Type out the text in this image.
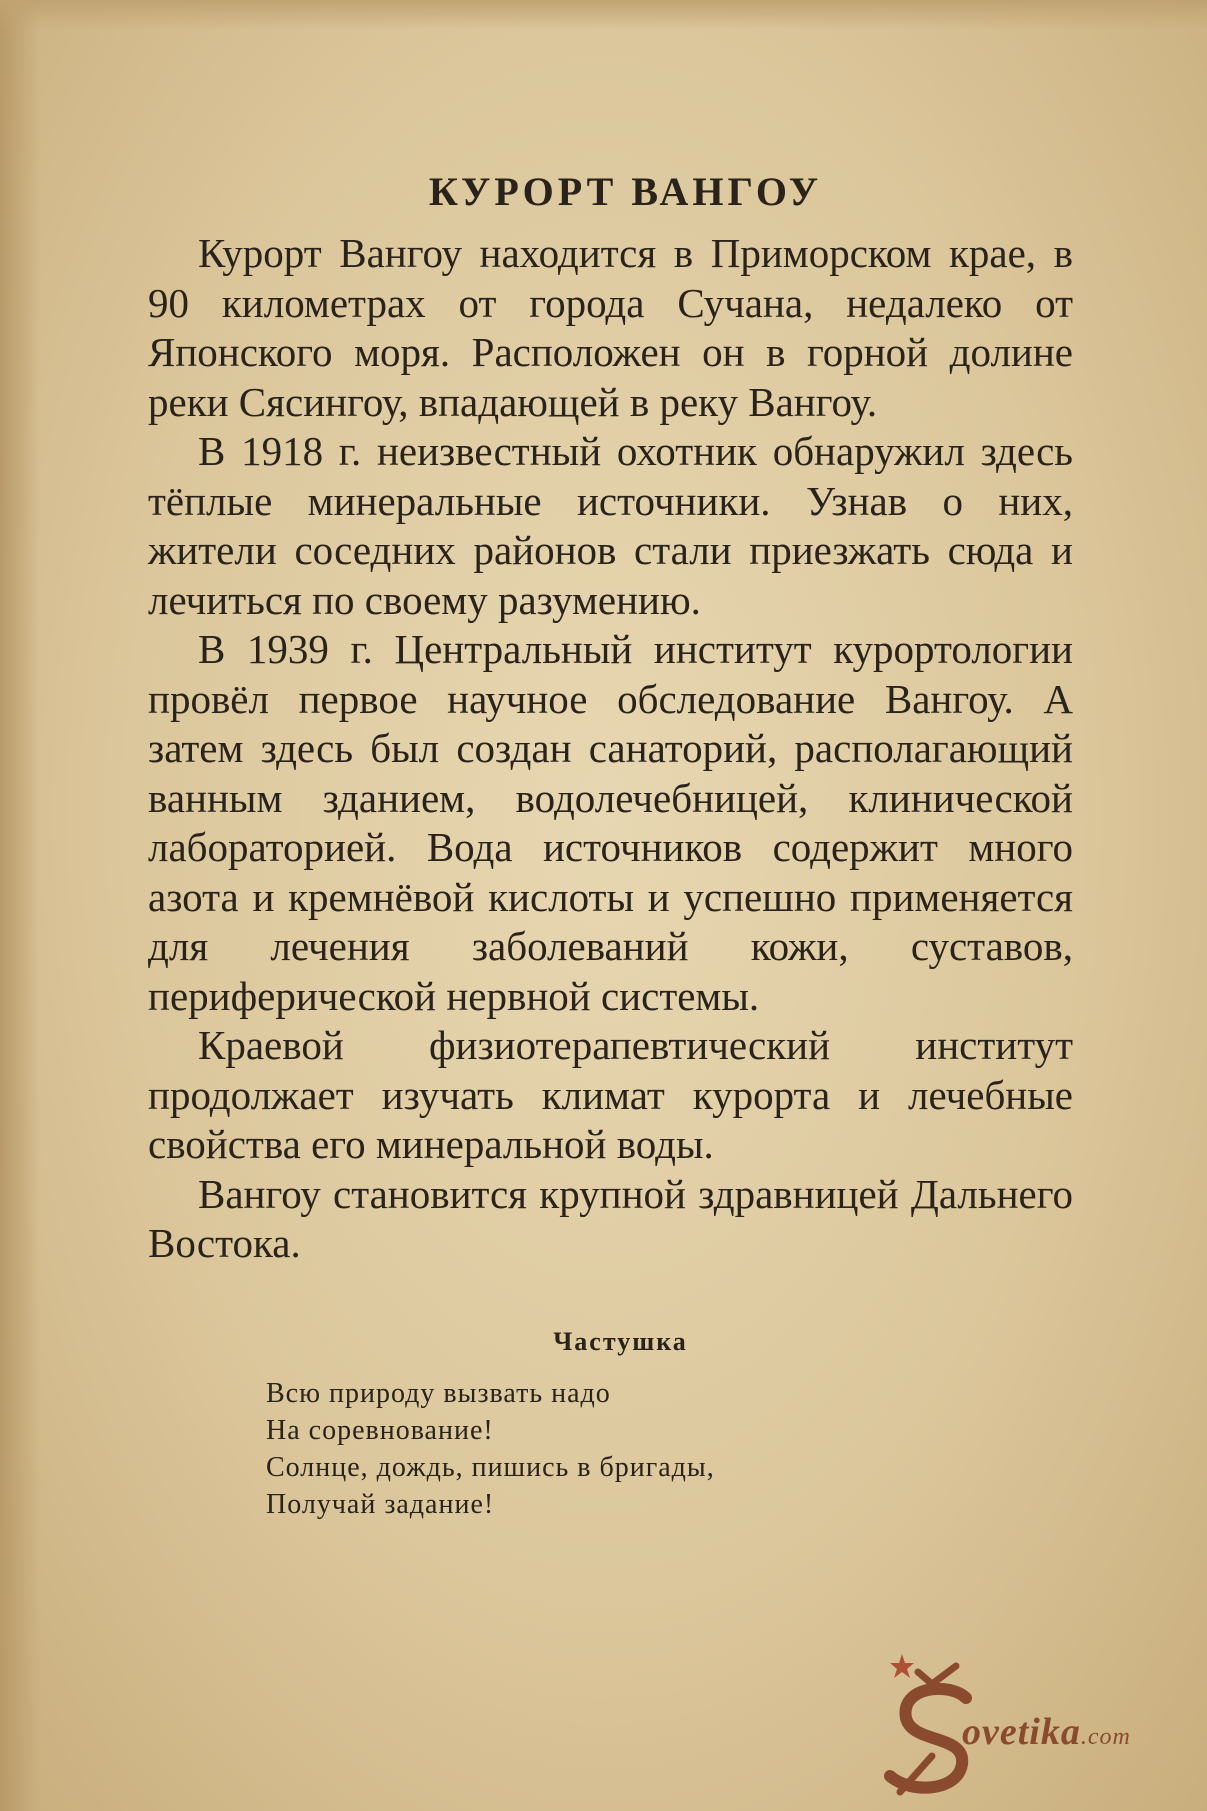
КУРОРТ ВАНГОУ

Курорт Вангоу находится в Приморском крае, в 90 километрах от города Сучана, недалеко от Японского моря. Расположен он в горной долине реки Сясингоу, впадающей в реку Вангоу.

В 1918 г. неизвестный охотник обнаружил здесь тёплые минеральные источники. Узнав о них, жители соседних районов стали приезжать сюда и лечиться по своему разумению.

В 1939 г. Центральный институт курортологии провёл первое научное обследование Вангоу. А затем здесь был создан санаторий, располагающий ванным зданием, водолечебницей, клинической лабораторией. Вода источников содержит много азота и кремнёвой кислоты и успешно применяется для лечения заболеваний кожи, суставов, периферической нервной системы.

Краевой физиотерапевтический институт продолжает изучать климат курорта и лечебные свойства его минеральной воды.

Вангоу становится крупной здравницей Дальнего Востока.

Частушка
Всю природу вызвать надо
На соревнование!
Солнце, дождь, пишись в бригады,
Получай задание!
ovetika.com
